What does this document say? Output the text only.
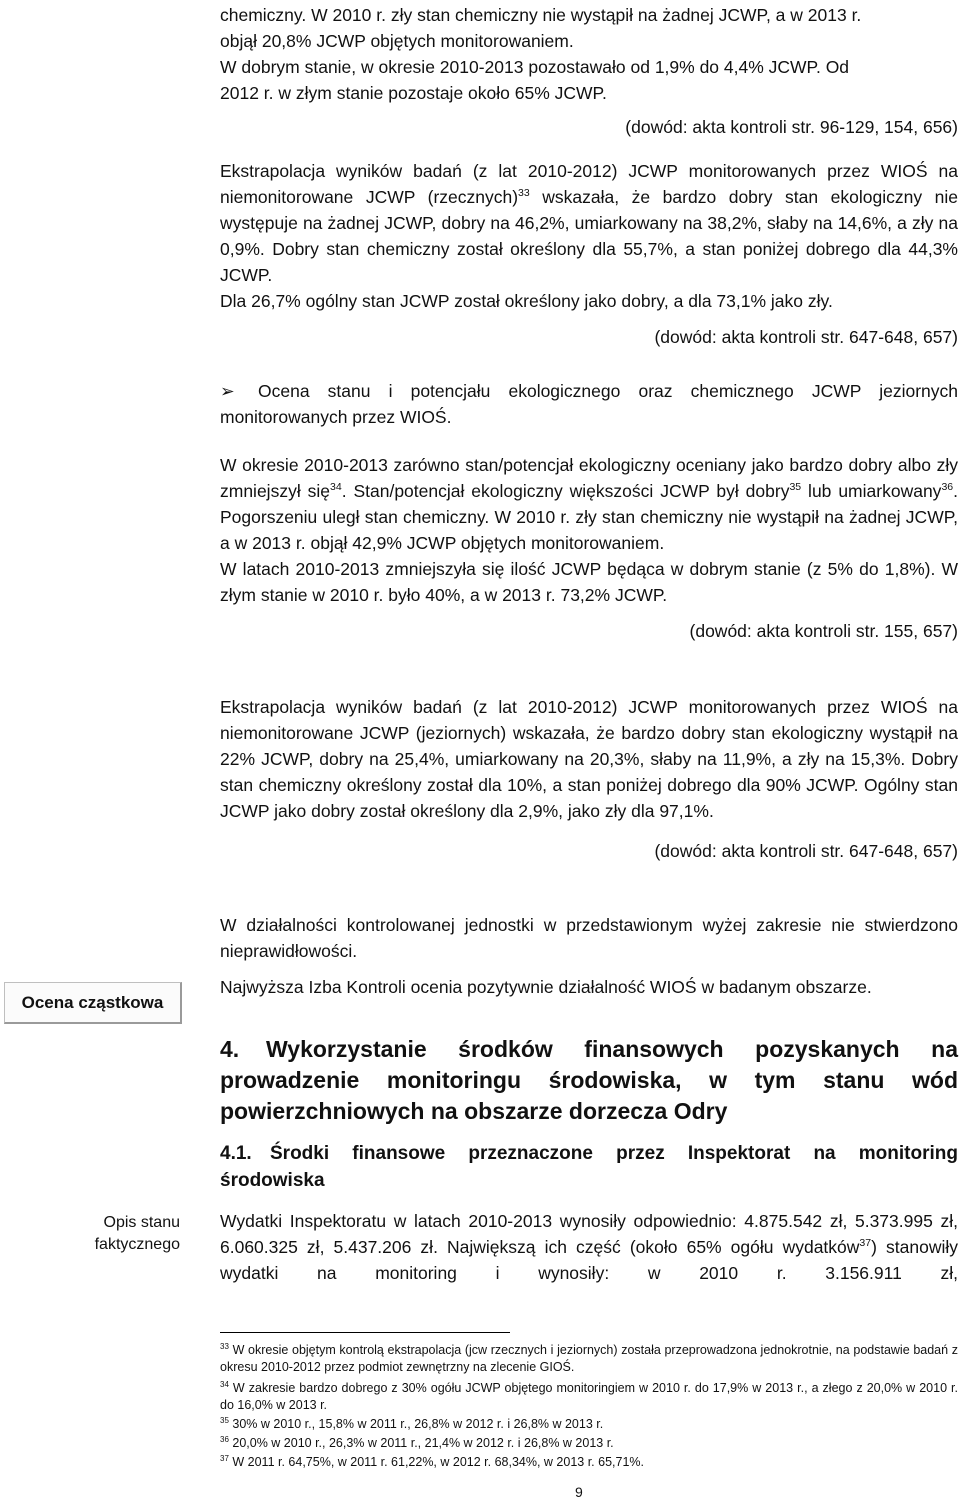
chemiczny. W 2010 r. zły stan chemiczny nie wystąpił na żadnej JCWP, a w 2013 r.

objął 20,8% JCWP objętych monitorowaniem.

W dobrym stanie, w okresie 2010-2013 pozostawało od 1,9% do 4,4% JCWP. Od

2012 r. w złym stanie pozostaje około 65% JCWP.

(dowód: akta kontroli str. 96-129, 154, 656)

Ekstrapolacja wyników badań (z lat 2010-2012) JCWP monitorowanych przez WIOŚ na niemonitorowane JCWP (rzecznych)$^{33}$ wskazała, że bardzo dobry stan ekologiczny nie występuje na żadnej JCWP, dobry na 46,2%, umiarkowany na 38,2%, słaby na 14,6%, a zły na 0,9%. Dobry stan chemiczny został określony dla 55,7%, a stan poniżej dobrego dla 44,3% JCWP.

Dla 26,7% ogólny stan JCWP został określony jako dobry, a dla 73,1% jako zły.

(dowód: akta kontroli str. 647-648, 657)

➢ Ocena stanu i potencjału ekologicznego oraz chemicznego JCWP jeziornych monitorowanych przez WIOŚ.

W okresie 2010-2013 zarówno stan/potencjał ekologiczny oceniany jako bardzo dobry albo zły zmniejszył się$^{34}$. Stan/potencjał ekologiczny większości JCWP był dobry$^{35}$ lub umiarkowany$^{36}$. Pogorszeniu uległ stan chemiczny. W 2010 r. zły stan chemiczny nie wystąpił na żadnej JCWP, a w 2013 r. objął 42,9% JCWP objętych monitorowaniem.

W latach 2010-2013 zmniejszyła się ilość JCWP będąca w dobrym stanie (z 5% do 1,8%). W złym stanie w 2010 r. było 40%, a w 2013 r. 73,2% JCWP.

(dowód: akta kontroli str. 155, 657)

Ekstrapolacja wyników badań (z lat 2010-2012) JCWP monitorowanych przez WIOŚ na niemonitorowane JCWP (jeziornych) wskazała, że bardzo dobry stan ekologiczny wystąpił na 22% JCWP, dobry na 25,4%, umiarkowany na 20,3%, słaby na 11,9%, a zły na 15,3%. Dobry stan chemiczny określony został dla 10%, a stan poniżej dobrego dla 90% JCWP. Ogólny stan JCWP jako dobry został określony dla 2,9%, jako zły dla 97,1%.

(dowód: akta kontroli str. 647-648, 657)

W działalności kontrolowanej jednostki w przedstawionym wyżej zakresie nie stwierdzono nieprawidłowości.

Najwyższa Izba Kontroli ocenia pozytywnie działalność WIOŚ w badanym obszarze.

Ocena cząstkowa
Opis stanu
faktycznego

4. Wykorzystanie środków finansowych pozyskanych na prowadzenie monitoringu środowiska, w tym stanu wód powierzchniowych na obszarze dorzecza Odry

4.1. Środki finansowe przeznaczone przez Inspektorat na monitoring środowiska

Wydatki Inspektoratu w latach 2010-2013 wynosiły odpowiednio: 4.875.542 zł, 5.373.995 zł, 6.060.325 zł, 5.437.206 zł. Największą ich część (około 65% ogółu wydatków$^{37}$) stanowiły wydatki na monitoring i wynosiły: w 2010 r. 3.156.911 zł,

$^{33}$ W okresie objętym kontrolą ekstrapolacja (jcw rzecznych i jeziornych) została przeprowadzona jednokrotnie, na podstawie badań z okresu 2010-2012 przez podmiot zewnętrzny na zlecenie GIOŚ.

$^{34}$ W zakresie bardzo dobrego z 30% ogółu JCWP objętego monitoringiem w 2010 r. do 17,9% w 2013 r., a złego z 20,0% w 2010 r. do 16,0% w 2013 r.

$^{35}$ 30% w 2010 r., 15,8% w 2011 r., 26,8% w 2012 r. i 26,8% w 2013 r.

$^{36}$ 20,0% w 2010 r., 26,3% w 2011 r., 21,4% w 2012 r. i 26,8% w 2013 r.

$^{37}$ W 2011 r. 64,75%, w 2011 r. 61,22%, w 2012 r. 68,34%, w 2013 r. 65,71%.

9
